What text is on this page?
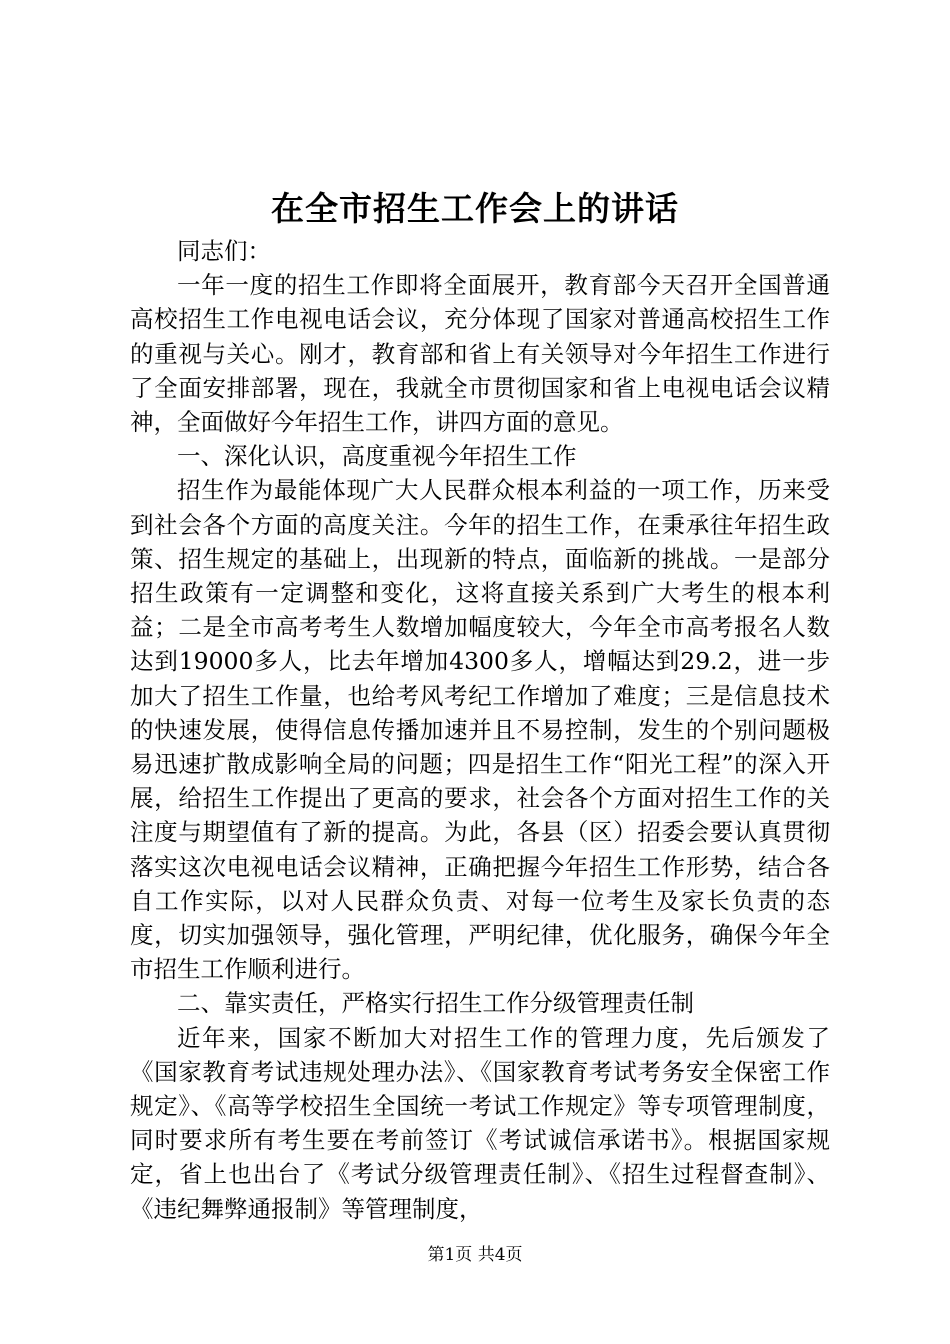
在全市招生工作会上的讲话

同志们：

一年一度的招生工作即将全面展开，教育部今天召开全国普通高校招生工作电视电话会议，充分体现了国家对普通高校招生工作的重视与关心。刚才，教育部和省上有关领导对今年招生工作进行了全面安排部署，现在，我就全市贯彻国家和省上电视电话会议精神，全面做好今年招生工作，讲四方面的意见。

一、深化认识，高度重视今年招生工作

招生作为最能体现广大人民群众根本利益的一项工作，历来受到社会各个方面的高度关注。今年的招生工作，在秉承往年招生政策、招生规定的基础上，出现新的特点，面临新的挑战。一是部分招生政策有一定调整和变化，这将直接关系到广大考生的根本利益；二是全市高考考生人数增加幅度较大，今年全市高考报名人数达到19000多人，比去年增加4300多人，增幅达到29.2，进一步加大了招生工作量，也给考风考纪工作增加了难度；三是信息技术的快速发展，使得信息传播加速并且不易控制，发生的个别问题极易迅速扩散成影响全局的问题；四是招生工作“阳光工程”的深入开展，给招生工作提出了更高的要求，社会各个方面对招生工作的关注度与期望值有了新的提高。为此，各县（区）招委会要认真贯彻落实这次电视电话会议精神，正确把握今年招生工作形势，结合各自工作实际，以对人民群众负责、对每一位考生及家长负责的态度，切实加强领导，强化管理，严明纪律，优化服务，确保今年全市招生工作顺利进行。

二、靠实责任，严格实行招生工作分级管理责任制

近年来，国家不断加大对招生工作的管理力度，先后颁发了《国家教育考试违规处理办法》、《国家教育考试考务安全保密工作规定》、《高等学校招生全国统一考试工作规定》等专项管理制度，同时要求所有考生要在考前签订《考试诚信承诺书》。根据国家规定，省上也出台了《考试分级管理责任制》、《招生过程督查制》、《违纪舞弊通报制》等管理制度，

第1页 共4页
